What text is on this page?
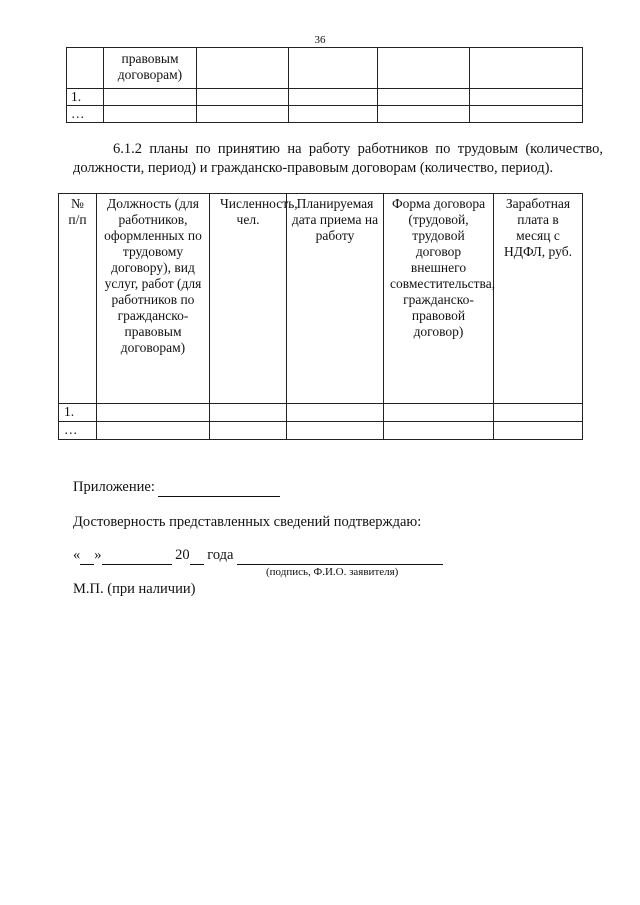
36
	правовым договорам)				
1.					
…					
6.1.2 планы по принятию на работу работников по трудовым (количество, должности, период) и гражданско-правовым договорам (количество, период).
№ п/п	Должность (для работников, оформленных по трудовому договору), вид услуг, работ (для работников по гражданско-правовым договорам)	Численность, чел.	Планируемая дата приема на работу	Форма договора (трудовой, трудовой договор внешнего совместительства, гражданско-правовой договор)	Заработная плата в месяц с НДФЛ, руб.
1.					
…					
Приложение:
Достоверность представленных сведений подтверждаю:
« »	20 года
(подпись, Ф.И.О. заявителя)
М.П. (при наличии)
